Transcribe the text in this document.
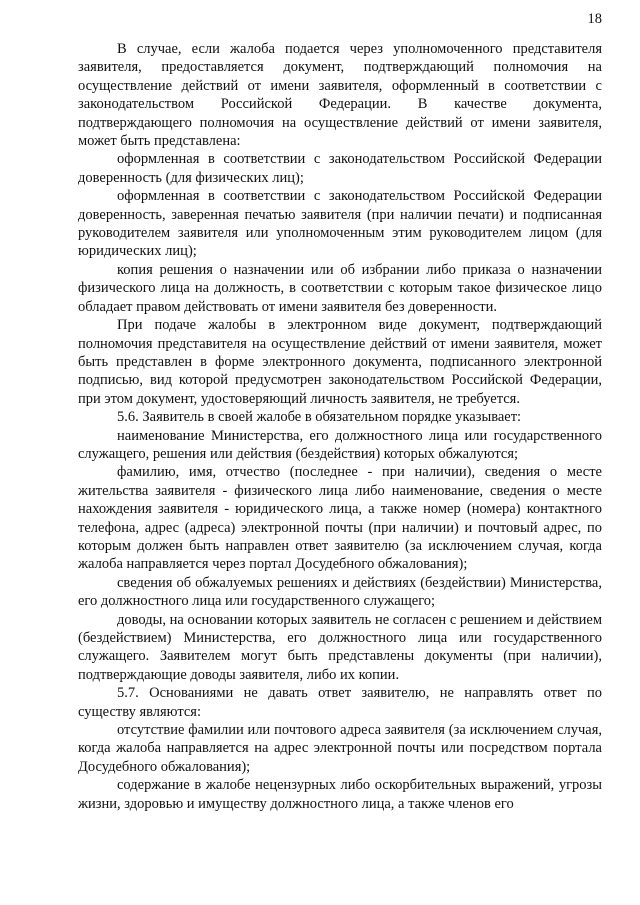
18

В случае, если жалоба подается через уполномоченного представителя заявителя, предоставляется документ, подтверждающий полномочия на осуществление действий от имени заявителя, оформленный в соответствии с законодательством Российской Федерации. В качестве документа, подтверждающего полномочия на осуществление действий от имени заявителя, может быть представлена:

оформленная в соответствии с законодательством Российской Федерации доверенность (для физических лиц);

оформленная в соответствии с законодательством Российской Федерации доверенность, заверенная печатью заявителя (при наличии печати) и подписанная руководителем заявителя или уполномоченным этим руководителем лицом (для юридических лиц);

копия решения о назначении или об избрании либо приказа о назначении физического лица на должность, в соответствии с которым такое физическое лицо обладает правом действовать от имени заявителя без доверенности.

При подаче жалобы в электронном виде документ, подтверждающий полномочия представителя на осуществление действий от имени заявителя, может быть представлен в форме электронного документа, подписанного электронной подписью, вид которой предусмотрен законодательством Российской Федерации, при этом документ, удостоверяющий личность заявителя, не требуется.

5.6. Заявитель в своей жалобе в обязательном порядке указывает:

наименование Министерства, его должностного лица или государственного служащего, решения или действия (бездействия) которых обжалуются;

фамилию, имя, отчество (последнее - при наличии), сведения о месте жительства заявителя - физического лица либо наименование, сведения о месте нахождения заявителя - юридического лица, а также номер (номера) контактного телефона, адрес (адреса) электронной почты (при наличии) и почтовый адрес, по которым должен быть направлен ответ заявителю (за исключением случая, когда жалоба направляется через портал Досудебного обжалования);

сведения об обжалуемых решениях и действиях (бездействии) Министерства, его должностного лица или государственного служащего;

доводы, на основании которых заявитель не согласен с решением и действием (бездействием) Министерства, его должностного лица или государственного служащего. Заявителем могут быть представлены документы (при наличии), подтверждающие доводы заявителя, либо их копии.

5.7. Основаниями не давать ответ заявителю, не направлять ответ по существу являются:

отсутствие фамилии или почтового адреса заявителя (за исключением случая, когда жалоба направляется на адрес электронной почты или посредством портала Досудебного обжалования);

содержание в жалобе нецензурных либо оскорбительных выражений, угрозы жизни, здоровью и имуществу должностного лица, а также членов его
